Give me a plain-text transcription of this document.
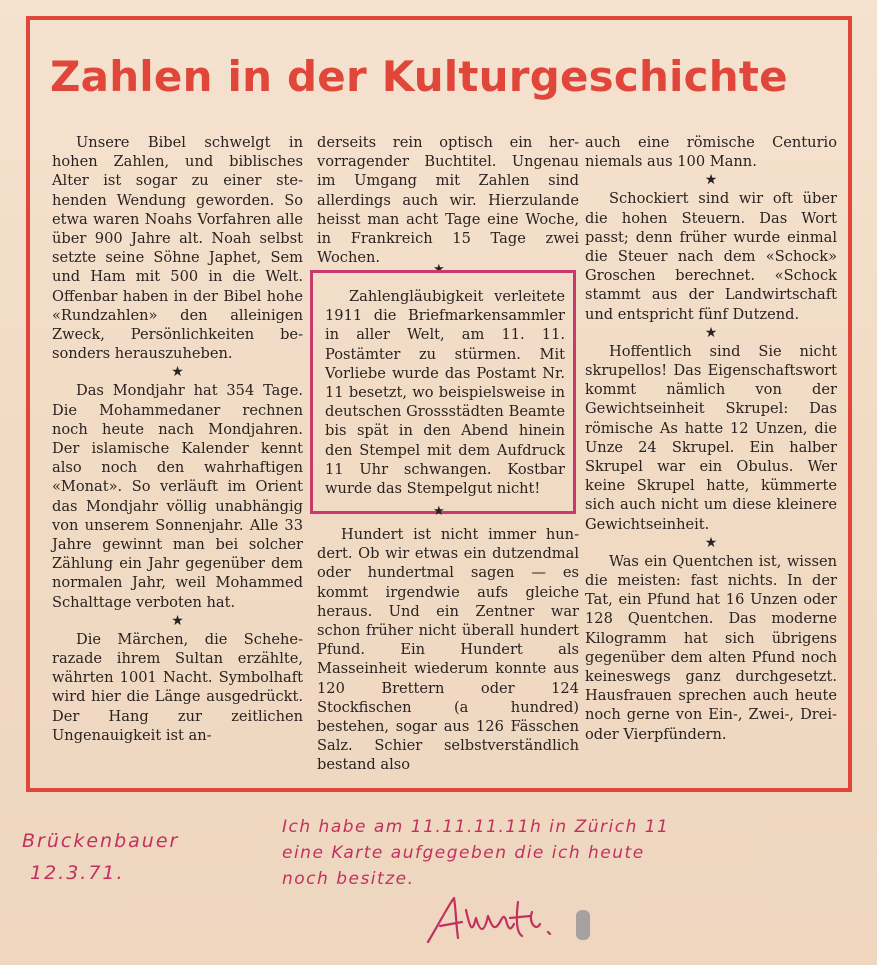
Zahlen in der Kulturgeschichte

Unsere Bibel schwelgt in hohen Zahlen, und biblisches Alter ist sogar zu einer stehenden Wendung geworden. So etwa waren Noahs Vorfahren alle über 900 Jahre alt. Noah selbst setzte seine Söhne Japhet, Sem und Ham mit 500 in die Welt. Offenbar haben in der Bibel hohe «Rundzahlen» den alleinigen Zweck, Persönlichkeiten besonders herauszuheben.

★

Das Mondjahr hat 354 Tage. Die Mohammedaner rechnen noch heute nach Mondjahren. Der islamische Kalender kennt also noch den wahrhaftigen «Monat». So verläuft im Orient das Mondjahr völlig unabhängig von unserem Sonnenjahr. Alle 33 Jahre gewinnt man bei solcher Zählung ein Jahr gegenüber dem normalen Jahr, weil Mohammed Schalttage verboten hat.

★

Die Märchen, die Scheherazade ihrem Sultan erzählte, währten 1001 Nacht. Symbolhaft wird hier die Länge ausgedrückt. Der Hang zur zeitlichen Ungenauigkeit ist an-

derseits rein optisch ein hervorragender Buchtitel. Ungenau im Umgang mit Zahlen sind allerdings auch wir. Hierzulande heisst man acht Tage eine Woche, in Frankreich 15 Tage zwei Wochen.

★

Zahlengläubigkeit verleitete 1911 die Briefmarkensammler in aller Welt, am 11. 11. Postämter zu stürmen. Mit Vorliebe wurde das Postamt Nr. 11 besetzt, wo beispielsweise in deutschen Grossstädten Beamte bis spät in den Abend hinein den Stempel mit dem Aufdruck 11 Uhr schwangen. Kostbar wurde das Stempelgut nicht!

★

Hundert ist nicht immer hundert. Ob wir etwas ein dutzendmal oder hundertmal sagen — es kommt irgendwie aufs gleiche heraus. Und ein Zentner war schon früher nicht überall hundert Pfund. Ein Hundert als Masseinheit wiederum konnte aus 120 Brettern oder 124 Stockfischen (a hundred) bestehen, sogar aus 126 Fässchen Salz. Schier selbstverständlich bestand also

auch eine römische Centurio niemals aus 100 Mann.

★

Schockiert sind wir oft über die hohen Steuern. Das Wort passt; denn früher wurde einmal die Steuer nach dem «Schock» Groschen berechnet. «Schock stammt aus der Landwirtschaft und entspricht fünf Dutzend.

★

Hoffentlich sind Sie nicht skrupellos! Das Eigenschaftswort kommt nämlich von der Gewichtseinheit Skrupel: Das römische As hatte 12 Unzen, die Unze 24 Skrupel. Ein halber Skrupel war ein Obulus. Wer keine Skrupel hatte, kümmerte sich auch nicht um diese kleinere Gewichtseinheit.

★

Was ein Quentchen ist, wissen die meisten: fast nichts. In der Tat, ein Pfund hat 16 Unzen oder 128 Quentchen. Das moderne Kilogramm hat sich übrigens gegenüber dem alten Pfund noch keineswegs ganz durchgesetzt. Hausfrauen sprechen auch heute noch gerne von Ein-, Zwei-, Drei- oder Vierpfündern.

Brückenbauer
12.3.71.
Ich habe am 11.11.11.11h in Zürich 11
eine Karte aufgegeben die ich heute
noch besitze.
